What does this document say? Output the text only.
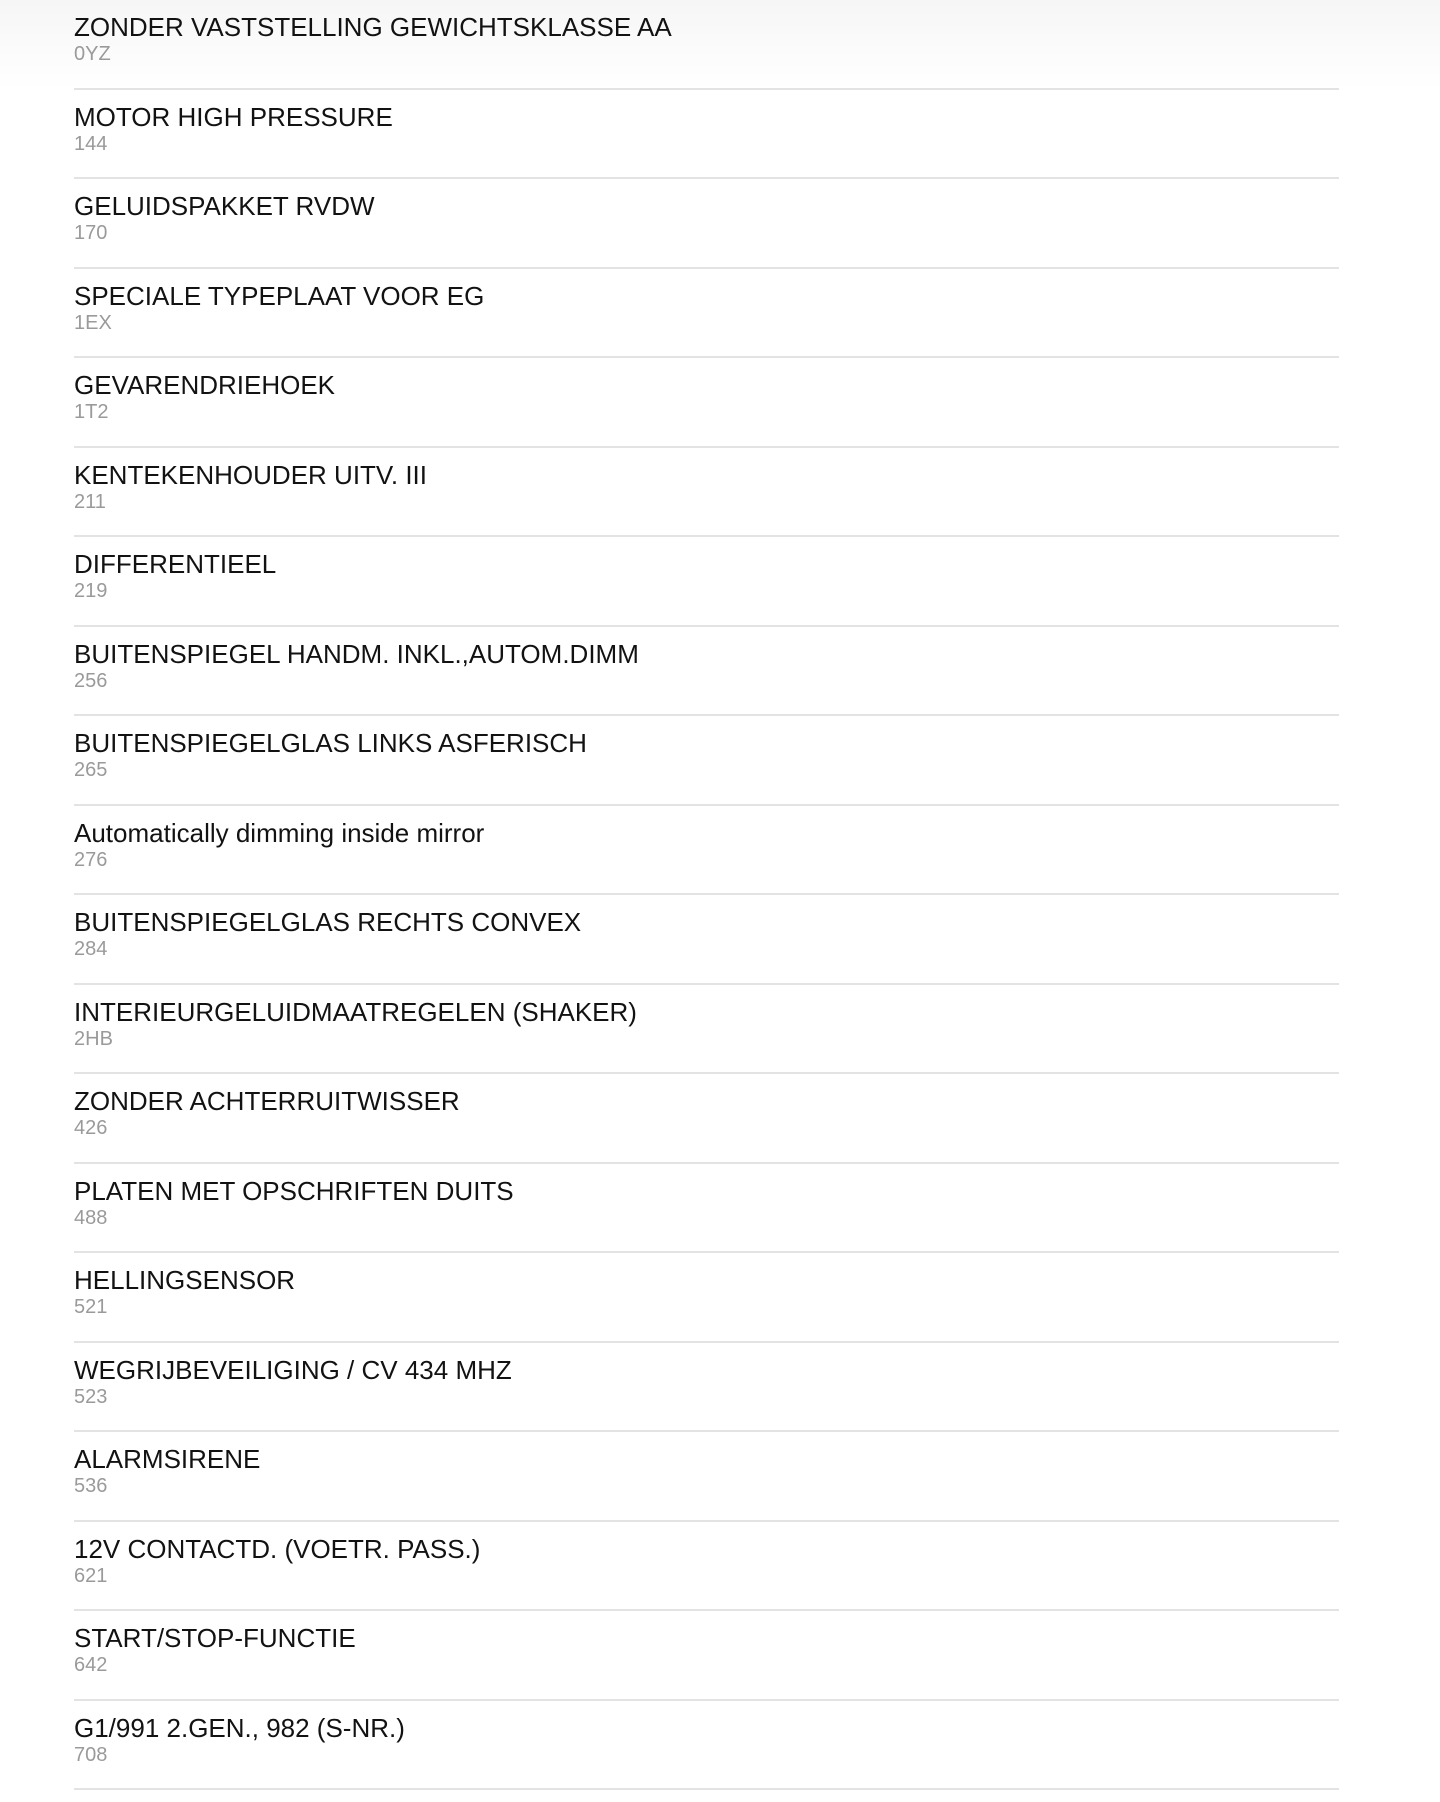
ZONDER VASTSTELLING GEWICHTSKLASSE AA
0YZ
MOTOR HIGH PRESSURE
144
GELUIDSPAKKET RVDW
170
SPECIALE TYPEPLAAT VOOR EG
1EX
GEVARENDRIEHOEK
1T2
KENTEKENHOUDER UITV. III
211
DIFFERENTIEEL
219
BUITENSPIEGEL HANDM. INKL.,AUTOM.DIMM
256
BUITENSPIEGELGLAS LINKS ASFERISCH
265
Automatically dimming inside mirror
276
BUITENSPIEGELGLAS RECHTS CONVEX
284
INTERIEURGELUIDMAATREGELEN (SHAKER)
2HB
ZONDER ACHTERRUITWISSER
426
PLATEN MET OPSCHRIFTEN DUITS
488
HELLINGSENSOR
521
WEGRIJBEVEILIGING / CV 434 MHZ
523
ALARMSIRENE
536
12V CONTACTD. (VOETR. PASS.)
621
START/STOP-FUNCTIE
642
G1/991 2.GEN., 982 (S-NR.)
708
